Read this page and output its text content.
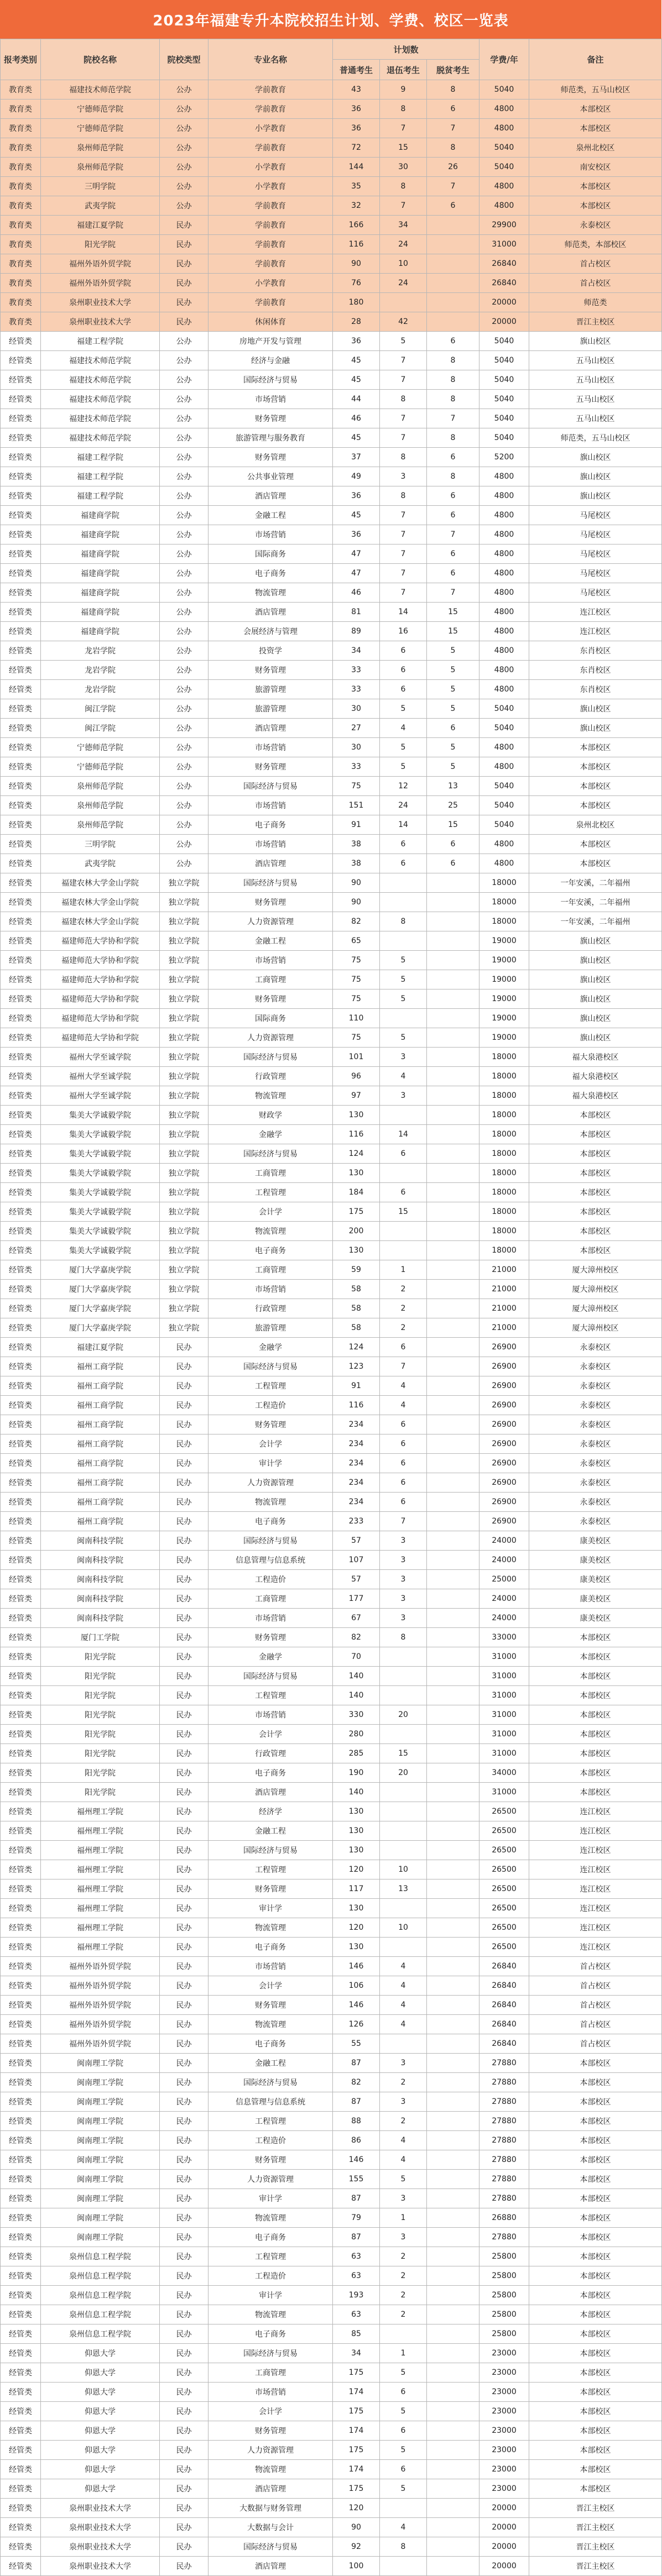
2023年福建专升本院校招生计划、学费、校区一览表
报考类别	院校名称	院校类型	专业名称	计划数			学费/年	备注
				普通考生	退伍考生	脱贫考生		
教育类	福建技术师范学院	公办	学前教育	43	9	8	5040	师范类，五马山校区
教育类	宁德师范学院	公办	学前教育	36	8	6	4800	本部校区
教育类	宁德师范学院	公办	小学教育	36	7	7	4800	本部校区
教育类	泉州师范学院	公办	学前教育	72	15	8	5040	泉州北校区
教育类	泉州师范学院	公办	小学教育	144	30	26	5040	南安校区
教育类	三明学院	公办	小学教育	35	8	7	4800	本部校区
教育类	武夷学院	公办	学前教育	32	7	6	4800	本部校区
教育类	福建江夏学院	民办	学前教育	166	34		29900	永泰校区
教育类	阳光学院	民办	学前教育	116	24		31000	师范类，本部校区
教育类	福州外语外贸学院	民办	学前教育	90	10		26840	首占校区
教育类	福州外语外贸学院	民办	小学教育	76	24		26840	首占校区
教育类	泉州职业技术大学	民办	学前教育	180			20000	师范类
教育类	泉州职业技术大学	民办	休闲体育	28	42		20000	晋江主校区
经管类	福建工程学院	公办	房地产开发与管理	36	5	6	5040	旗山校区
经管类	福建技术师范学院	公办	经济与金融	45	7	8	5040	五马山校区
经管类	福建技术师范学院	公办	国际经济与贸易	45	7	8	5040	五马山校区
经管类	福建技术师范学院	公办	市场营销	44	8	8	5040	五马山校区
经管类	福建技术师范学院	公办	财务管理	46	7	7	5040	五马山校区
经管类	福建技术师范学院	公办	旅游管理与服务教育	45	7	8	5040	师范类，五马山校区
经管类	福建工程学院	公办	财务管理	37	8	6	5200	旗山校区
经管类	福建工程学院	公办	公共事业管理	49	3	8	4800	旗山校区
经管类	福建工程学院	公办	酒店管理	36	8	6	4800	旗山校区
经管类	福建商学院	公办	金融工程	45	7	6	4800	马尾校区
经管类	福建商学院	公办	市场营销	36	7	7	4800	马尾校区
经管类	福建商学院	公办	国际商务	47	7	6	4800	马尾校区
经管类	福建商学院	公办	电子商务	47	7	6	4800	马尾校区
经管类	福建商学院	公办	物流管理	46	7	7	4800	马尾校区
经管类	福建商学院	公办	酒店管理	81	14	15	4800	连江校区
经管类	福建商学院	公办	会展经济与管理	89	16	15	4800	连江校区
经管类	龙岩学院	公办	投资学	34	6	5	4800	东肖校区
经管类	龙岩学院	公办	财务管理	33	6	5	4800	东肖校区
经管类	龙岩学院	公办	旅游管理	33	6	5	4800	东肖校区
经管类	闽江学院	公办	旅游管理	30	5	5	5040	旗山校区
经管类	闽江学院	公办	酒店管理	27	4	6	5040	旗山校区
经管类	宁德师范学院	公办	市场营销	30	5	5	4800	本部校区
经管类	宁德师范学院	公办	财务管理	33	5	5	4800	本部校区
经管类	泉州师范学院	公办	国际经济与贸易	75	12	13	5040	本部校区
经管类	泉州师范学院	公办	市场营销	151	24	25	5040	本部校区
经管类	泉州师范学院	公办	电子商务	91	14	15	5040	泉州北校区
经管类	三明学院	公办	市场营销	38	6	6	4800	本部校区
经管类	武夷学院	公办	酒店管理	38	6	6	4800	本部校区
经管类	福建农林大学金山学院	独立学院	国际经济与贸易	90			18000	一年安溪，二年福州
经管类	福建农林大学金山学院	独立学院	财务管理	90			18000	一年安溪，二年福州
经管类	福建农林大学金山学院	独立学院	人力资源管理	82	8		18000	一年安溪，二年福州
经管类	福建师范大学协和学院	独立学院	金融工程	65			19000	旗山校区
经管类	福建师范大学协和学院	独立学院	市场营销	75	5		19000	旗山校区
经管类	福建师范大学协和学院	独立学院	工商管理	75	5		19000	旗山校区
经管类	福建师范大学协和学院	独立学院	财务管理	75	5		19000	旗山校区
经管类	福建师范大学协和学院	独立学院	国际商务	110			19000	旗山校区
经管类	福建师范大学协和学院	独立学院	人力资源管理	75	5		19000	旗山校区
经管类	福州大学至诚学院	独立学院	国际经济与贸易	101	3		18000	福大泉港校区
经管类	福州大学至诚学院	独立学院	行政管理	96	4		18000	福大泉港校区
经管类	福州大学至诚学院	独立学院	物流管理	97	3		18000	福大泉港校区
经管类	集美大学诚毅学院	独立学院	财政学	130			18000	本部校区
经管类	集美大学诚毅学院	独立学院	金融学	116	14		18000	本部校区
经管类	集美大学诚毅学院	独立学院	国际经济与贸易	124	6		18000	本部校区
经管类	集美大学诚毅学院	独立学院	工商管理	130			18000	本部校区
经管类	集美大学诚毅学院	独立学院	工程管理	184	6		18000	本部校区
经管类	集美大学诚毅学院	独立学院	会计学	175	15		18000	本部校区
经管类	集美大学诚毅学院	独立学院	物流管理	200			18000	本部校区
经管类	集美大学诚毅学院	独立学院	电子商务	130			18000	本部校区
经管类	厦门大学嘉庚学院	独立学院	工商管理	59	1		21000	厦大漳州校区
经管类	厦门大学嘉庚学院	独立学院	市场营销	58	2		21000	厦大漳州校区
经管类	厦门大学嘉庚学院	独立学院	行政管理	58	2		21000	厦大漳州校区
经管类	厦门大学嘉庚学院	独立学院	旅游管理	58	2		21000	厦大漳州校区
经管类	福建江夏学院	民办	金融学	124	6		26900	永泰校区
经管类	福州工商学院	民办	国际经济与贸易	123	7		26900	永泰校区
经管类	福州工商学院	民办	工程管理	91	4		26900	永泰校区
经管类	福州工商学院	民办	工程造价	116	4		26900	永泰校区
经管类	福州工商学院	民办	财务管理	234	6		26900	永泰校区
经管类	福州工商学院	民办	会计学	234	6		26900	永泰校区
经管类	福州工商学院	民办	审计学	234	6		26900	永泰校区
经管类	福州工商学院	民办	人力资源管理	234	6		26900	永泰校区
经管类	福州工商学院	民办	物流管理	234	6		26900	永泰校区
经管类	福州工商学院	民办	电子商务	233	7		26900	永泰校区
经管类	闽南科技学院	民办	国际经济与贸易	57	3		24000	康美校区
经管类	闽南科技学院	民办	信息管理与信息系统	107	3		24000	康美校区
经管类	闽南科技学院	民办	工程造价	57	3		25000	康美校区
经管类	闽南科技学院	民办	工商管理	177	3		24000	康美校区
经管类	闽南科技学院	民办	市场营销	67	3		24000	康美校区
经管类	厦门工学院	民办	财务管理	82	8		33000	本部校区
经管类	阳光学院	民办	金融学	70			31000	本部校区
经管类	阳光学院	民办	国际经济与贸易	140			31000	本部校区
经管类	阳光学院	民办	工程管理	140			31000	本部校区
经管类	阳光学院	民办	市场营销	330	20		31000	本部校区
经管类	阳光学院	民办	会计学	280			31000	本部校区
经管类	阳光学院	民办	行政管理	285	15		31000	本部校区
经管类	阳光学院	民办	电子商务	190	20		34000	本部校区
经管类	阳光学院	民办	酒店管理	140			31000	本部校区
经管类	福州理工学院	民办	经济学	130			26500	连江校区
经管类	福州理工学院	民办	金融工程	130			26500	连江校区
经管类	福州理工学院	民办	国际经济与贸易	130			26500	连江校区
经管类	福州理工学院	民办	工程管理	120	10		26500	连江校区
经管类	福州理工学院	民办	财务管理	117	13		26500	连江校区
经管类	福州理工学院	民办	审计学	130			26500	连江校区
经管类	福州理工学院	民办	物流管理	120	10		26500	连江校区
经管类	福州理工学院	民办	电子商务	130			26500	连江校区
经管类	福州外语外贸学院	民办	市场营销	146	4		26840	首占校区
经管类	福州外语外贸学院	民办	会计学	106	4		26840	首占校区
经管类	福州外语外贸学院	民办	财务管理	146	4		26840	首占校区
经管类	福州外语外贸学院	民办	物流管理	126	4		26840	首占校区
经管类	福州外语外贸学院	民办	电子商务	55			26840	首占校区
经管类	闽南理工学院	民办	金融工程	87	3		27880	本部校区
经管类	闽南理工学院	民办	国际经济与贸易	82	2		27880	本部校区
经管类	闽南理工学院	民办	信息管理与信息系统	87	3		27880	本部校区
经管类	闽南理工学院	民办	工程管理	88	2		27880	本部校区
经管类	闽南理工学院	民办	工程造价	86	4		27880	本部校区
经管类	闽南理工学院	民办	财务管理	146	4		27880	本部校区
经管类	闽南理工学院	民办	人力资源管理	155	5		27880	本部校区
经管类	闽南理工学院	民办	审计学	87	3		27880	本部校区
经管类	闽南理工学院	民办	物流管理	79	1		26880	本部校区
经管类	闽南理工学院	民办	电子商务	87	3		27880	本部校区
经管类	泉州信息工程学院	民办	工程管理	63	2		25800	本部校区
经管类	泉州信息工程学院	民办	工程造价	63	2		25800	本部校区
经管类	泉州信息工程学院	民办	审计学	193	2		25800	本部校区
经管类	泉州信息工程学院	民办	物流管理	63	2		25800	本部校区
经管类	泉州信息工程学院	民办	电子商务	85			25800	本部校区
经管类	仰恩大学	民办	国际经济与贸易	34	1		23000	本部校区
经管类	仰恩大学	民办	工商管理	175	5		23000	本部校区
经管类	仰恩大学	民办	市场营销	174	6		23000	本部校区
经管类	仰恩大学	民办	会计学	175	5		23000	本部校区
经管类	仰恩大学	民办	财务管理	174	6		23000	本部校区
经管类	仰恩大学	民办	人力资源管理	175	5		23000	本部校区
经管类	仰恩大学	民办	物流管理	174	6		23000	本部校区
经管类	仰恩大学	民办	酒店管理	175	5		23000	本部校区
经管类	泉州职业技术大学	民办	大数据与财务管理	120			20000	晋江主校区
经管类	泉州职业技术大学	民办	大数据与会计	90	4		20000	晋江主校区
经管类	泉州职业技术大学	民办	国际经济与贸易	92	8		20000	晋江主校区
经管类	泉州职业技术大学	民办	酒店管理	100			20000	晋江主校区
